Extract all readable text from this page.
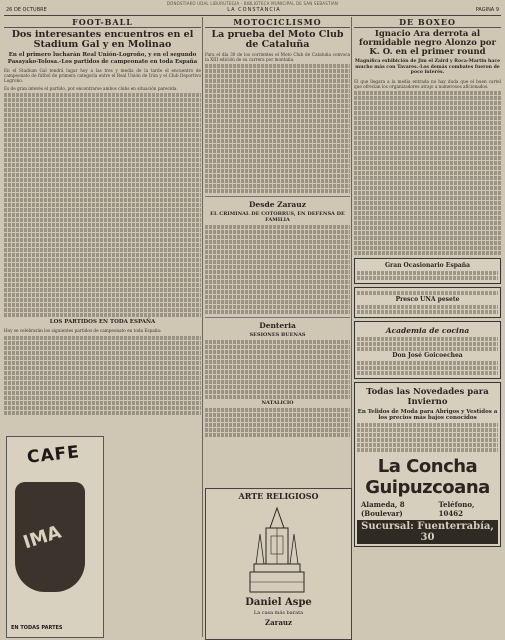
DONOSTIAKO UDAL LIBURUTEGIA - BIBLIOTECA MUNICIPAL DE SAN SEBASTIAN
26 DE OCTUBRE	LA CONSTANCIA	PAGINA 9
FOOT-BALL
Dos interesantes encuentros en el Stadium Gal y en Molinao
En el primero lucharán Real Unión-Logroño, y en el segundo Pasayako-Tolosa.-Los partidos de campeonato en toda España
En el Stadium Gal tendrá lugar hoy a las tres y media de la tarde el encuentro de campeonato de fútbol de primera categoría entre el Real Unión de Irún y el Club Deportivo Logroño.
Es de gran interés el partido, por encontrarse ambos clubs en situación parecida.
LOS PARTIDOS EN TODA ESPAÑA
Hoy se celebrarán los siguientes partidos de campeonato en toda España:
CAFE
IMA
EN TODAS PARTES
MOTOCICLISMO
La prueba del Moto Club de Cataluña
Para el día 30 de los corrientes el Moto Club de Cataluña convoca la XIII edición de su carrera por montaña.
Desde Zarauz
EL CRIMINAL DE COTOBRUS, EN DEFENSA DE FAMILIA
Denteria
SESIONES BUENAS
NATALICIO
ARTE RELIGIOSO
Daniel Aspe
La casa más barata
Zarauz
DE BOXEO
Ignacio Ara derrota al formidable negro Alonzo por K. O. en el primer round
Magnífica exhibición de Jim el Zaird y Roca-Martin hace mucho más con Tavares.-Los demás combates fueron de poco interés.
El que llegara a la media entrada no hay duda que el buen cartel que ofrecían los organizadores atrajo a numerosos aficionados.
Gran Ocasionario España
Presco UNA pesete
Academia de cocina
Don José Goicoechea
Todas las Novedades para Invierno
En Telidos de Moda para Abrigos y Vestidos a los precios más bajos conocidos
La Concha Guipuzcoana
Alameda, 8 (Boulevar)
Teléfono, 10462
Sucursal: Fuenterrabía, 30
